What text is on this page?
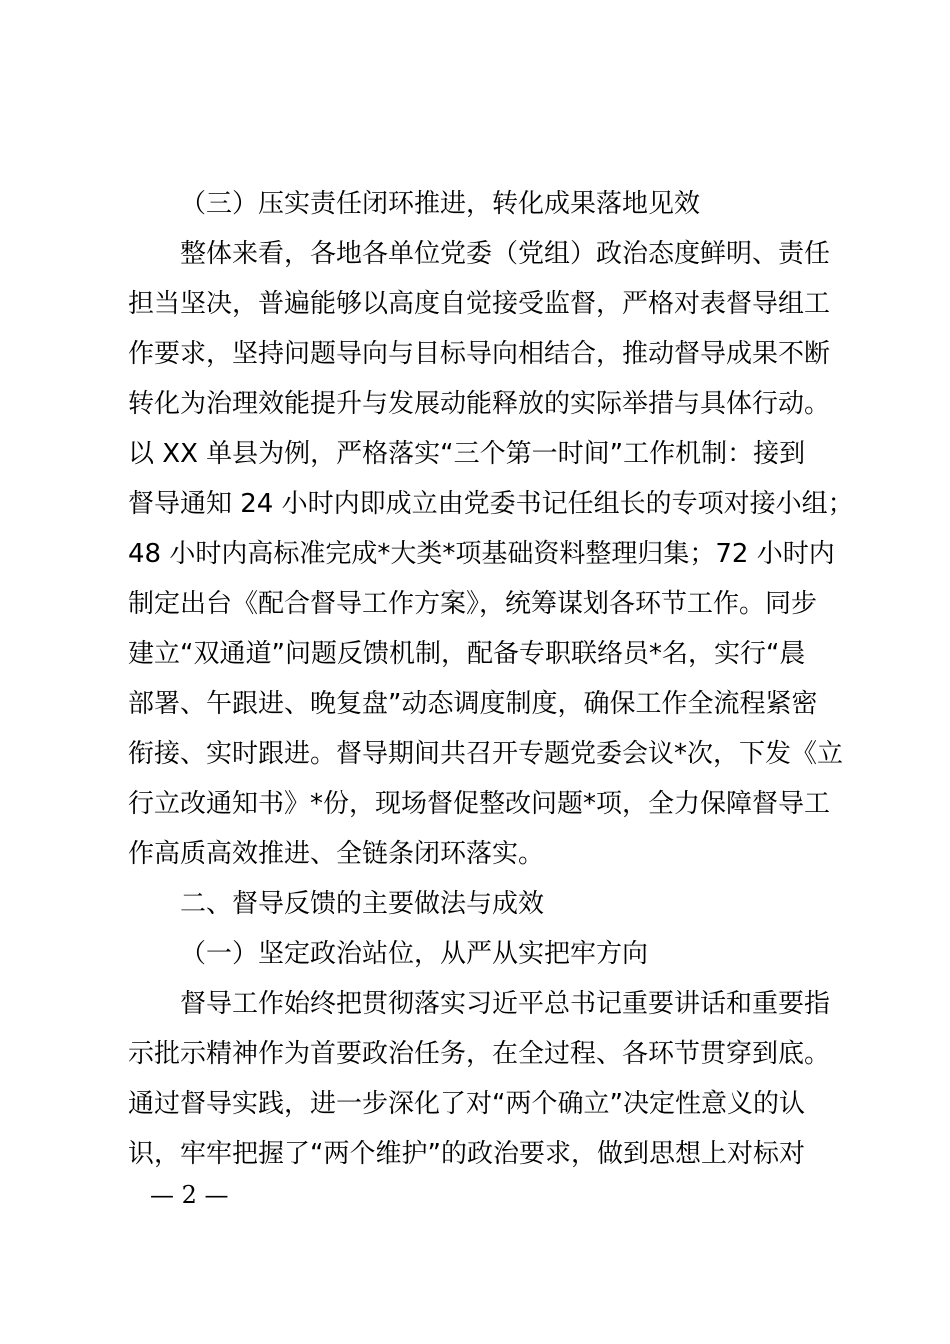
（三）压实责任闭环推进，转化成果落地见效
整体来看，各地各单位党委（党组）政治态度鲜明、责任
担当坚决，普遍能够以高度自觉接受监督，严格对表督导组工
作要求，坚持问题导向与目标导向相结合，推动督导成果不断
转化为治理效能提升与发展动能释放的实际举措与具体行动。
以 XX 单县为例，严格落实“三个第一时间”工作机制：接到
督导通知 24 小时内即成立由党委书记任组长的专项对接小组；
48 小时内高标准完成*大类*项基础资料整理归集；72 小时内
制定出台《配合督导工作方案》，统筹谋划各环节工作。同步
建立“双通道”问题反馈机制，配备专职联络员*名，实行“晨
部署、午跟进、晚复盘”动态调度制度，确保工作全流程紧密
衔接、实时跟进。督导期间共召开专题党委会议*次，下发《立
行立改通知书》*份，现场督促整改问题*项，全力保障督导工
作高质高效推进、全链条闭环落实。
二、督导反馈的主要做法与成效
（一）坚定政治站位，从严从实把牢方向
督导工作始终把贯彻落实习近平总书记重要讲话和重要指
示批示精神作为首要政治任务，在全过程、各环节贯穿到底。
通过督导实践，进一步深化了对“两个确立”决定性意义的认
识，牢牢把握了“两个维护”的政治要求，做到思想上对标对
— 2 —
